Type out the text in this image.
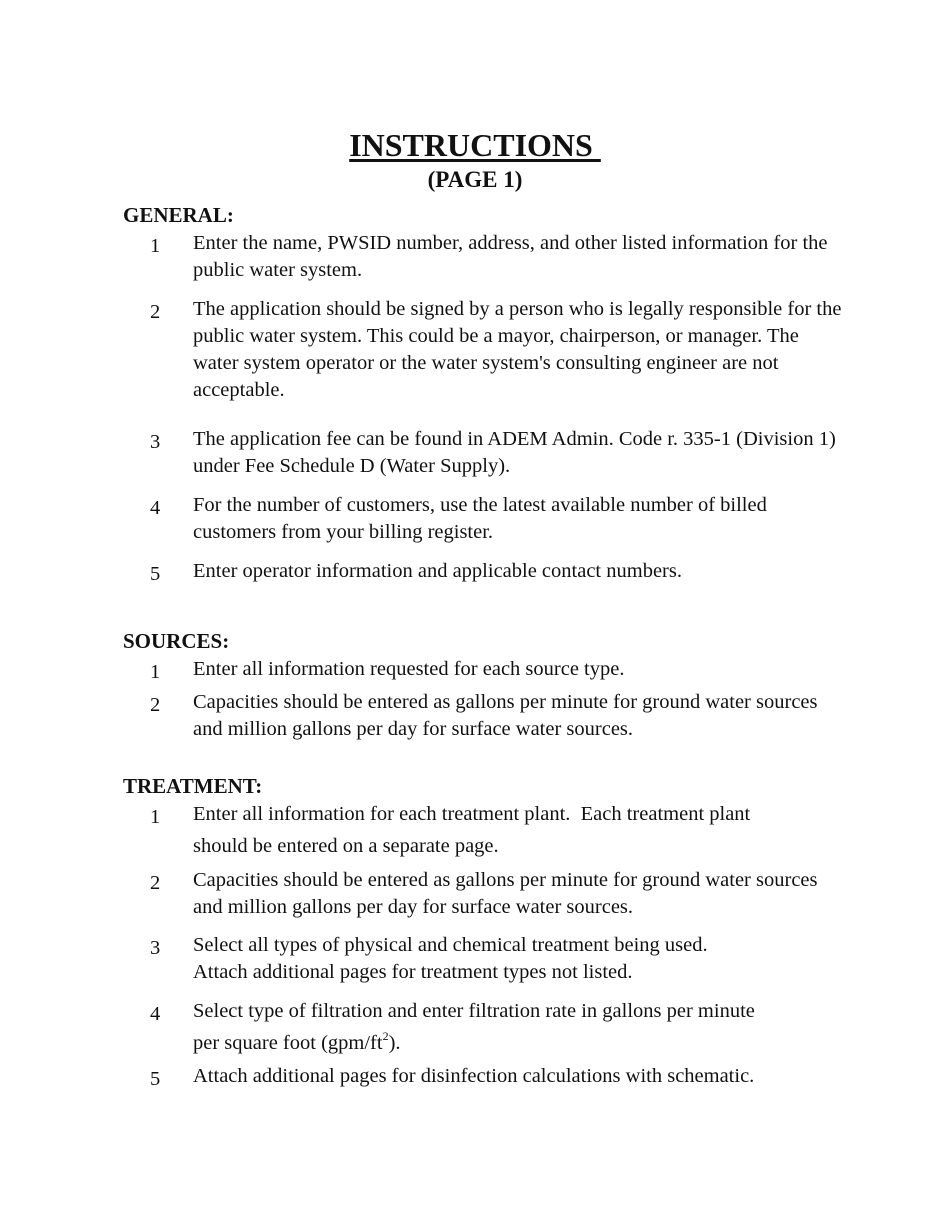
INSTRUCTIONS
(PAGE 1)
GENERAL:
1	Enter the name, PWSID number, address, and other listed information for the public water system.
2	The application should be signed by a person who is legally responsible for the public water system. This could be a mayor, chairperson, or manager. The water system operator or the water system's consulting engineer are not acceptable.
3	The application fee can be found in ADEM Admin. Code r. 335-1 (Division 1) under Fee Schedule D (Water Supply).
4	For the number of customers, use the latest available number of billed customers from your billing register.
5	Enter operator information and applicable contact numbers.
SOURCES:
1	Enter all information requested for each source type.
2	Capacities should be entered as gallons per minute for ground water sources and million gallons per day for surface water sources.
TREATMENT:
1	Enter all information for each treatment plant.  Each treatment plant
should be entered on a separate page.
2	Capacities should be entered as gallons per minute for ground water sources and million gallons per day for surface water sources.
3	Select all types of physical and chemical treatment being used.
Attach additional pages for treatment types not listed.
4	Select type of filtration and enter filtration rate in gallons per minute
per square foot $(gpm/ft^2)$.
5	Attach additional pages for disinfection calculations with schematic.
